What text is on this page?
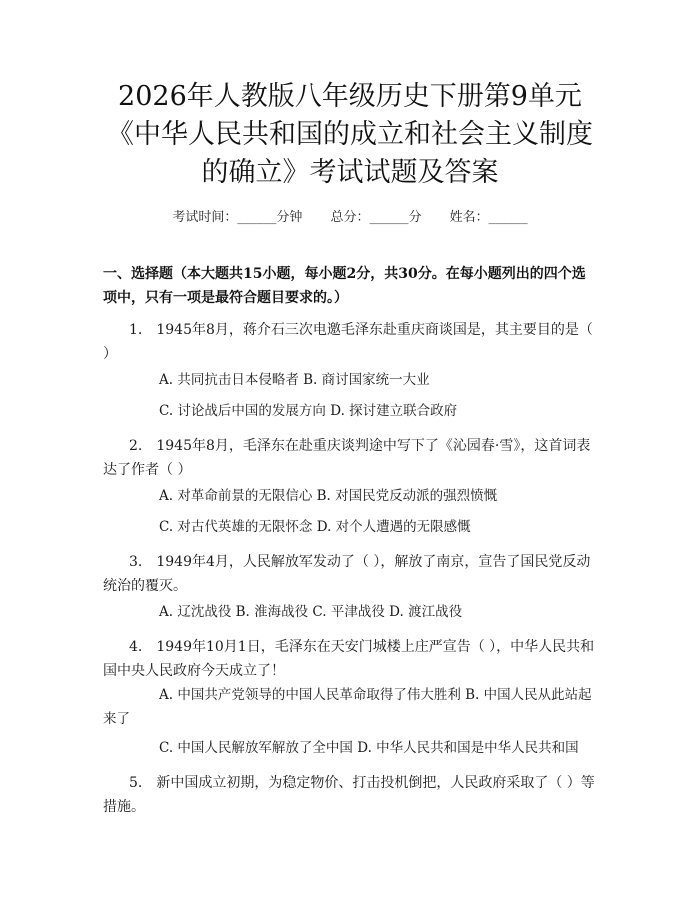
2026年人教版八年级历史下册第9单元《中华人民共和国的成立和社会主义制度的确立》考试试题及答案
考试时间：______分钟 总分：______分 姓名：______
一、选择题（本大题共15小题，每小题2分，共30分。在每小题列出的四个选项中，只有一项是最符合题目要求的。）
1.　1945年8月，蒋介石三次电邀毛泽东赴重庆商谈国是，其主要目的是（ ）
A. 共同抗击日本侵略者 B. 商讨国家统一大业
C. 讨论战后中国的发展方向 D. 探讨建立联合政府
2.　1945年8月，毛泽东在赴重庆谈判途中写下了《沁园春·雪》，这首词表达了作者（ ）
A. 对革命前景的无限信心 B. 对国民党反动派的强烈愤慨
C. 对古代英雄的无限怀念 D. 对个人遭遇的无限感慨
3.　1949年4月，人民解放军发动了（ ），解放了南京，宣告了国民党反动统治的覆灭。
A. 辽沈战役 B. 淮海战役 C. 平津战役 D. 渡江战役
4.　1949年10月1日，毛泽东在天安门城楼上庄严宣告（ ），中华人民共和国中央人民政府今天成立了！
A. 中国共产党领导的中国人民革命取得了伟大胜利 B. 中国人民从此站起来了
C. 中国人民解放军解放了全中国 D. 中华人民共和国是中华人民共和国
5.　新中国成立初期，为稳定物价、打击投机倒把，人民政府采取了（ ）等措施。
